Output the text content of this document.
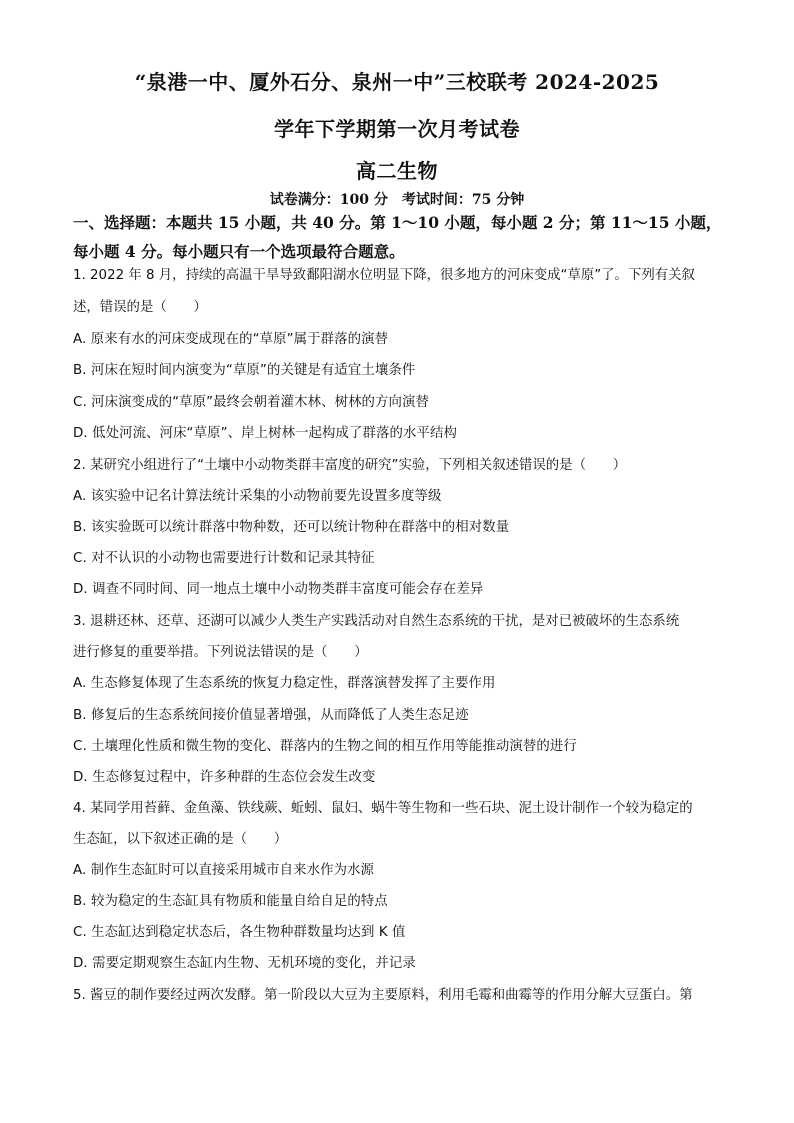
“泉港一中、厦外石分、泉州一中”三校联考 2024-2025
学年下学期第一次月考试卷
高二生物
试卷满分：100 分　考试时间：75 分钟
一、选择题：本题共 15 小题，共 40 分。第 1～10 小题，每小题 2 分；第 11～15 小题，每小题 4 分。每小题只有一个选项最符合题意。
1. 2022 年 8 月，持续的高温干旱导致鄱阳湖水位明显下降，很多地方的河床变成“草原”了。下列有关叙
述，错误的是（　　）
A. 原来有水的河床变成现在的“草原”属于群落的演替
B. 河床在短时间内演变为“草原”的关键是有适宜土壤条件
C. 河床演变成的“草原”最终会朝着灌木林、树林的方向演替
D. 低处河流、河床“草原”、岸上树林一起构成了群落的水平结构
2. 某研究小组进行了“土壤中小动物类群丰富度的研究”实验，下列相关叙述错误的是（　　）
A. 该实验中记名计算法统计采集的小动物前要先设置多度等级
B. 该实验既可以统计群落中物种数，还可以统计物种在群落中的相对数量
C. 对不认识的小动物也需要进行计数和记录其特征
D. 调查不同时间、同一地点土壤中小动物类群丰富度可能会存在差异
3. 退耕还林、还草、还湖可以减少人类生产实践活动对自然生态系统的干扰，是对已被破坏的生态系统
进行修复的重要举措。下列说法错误的是（　　）
A. 生态修复体现了生态系统的恢复力稳定性，群落演替发挥了主要作用
B. 修复后的生态系统间接价值显著增强，从而降低了人类生态足迹
C. 土壤理化性质和微生物的变化、群落内的生物之间的相互作用等能推动演替的进行
D. 生态修复过程中，许多种群的生态位会发生改变
4. 某同学用苔藓、金鱼藻、铁线蕨、蚯蚓、鼠妇、蜗牛等生物和一些石块、泥土设计制作一个较为稳定的
生态缸，以下叙述正确的是（　　）
A. 制作生态缸时可以直接采用城市自来水作为水源
B. 较为稳定的生态缸具有物质和能量自给自足的特点
C. 生态缸达到稳定状态后，各生物种群数量均达到 K 值
D. 需要定期观察生态缸内生物、无机环境的变化，并记录
5. 酱豆的制作要经过两次发酵。第一阶段以大豆为主要原料，利用毛霉和曲霉等的作用分解大豆蛋白。第
